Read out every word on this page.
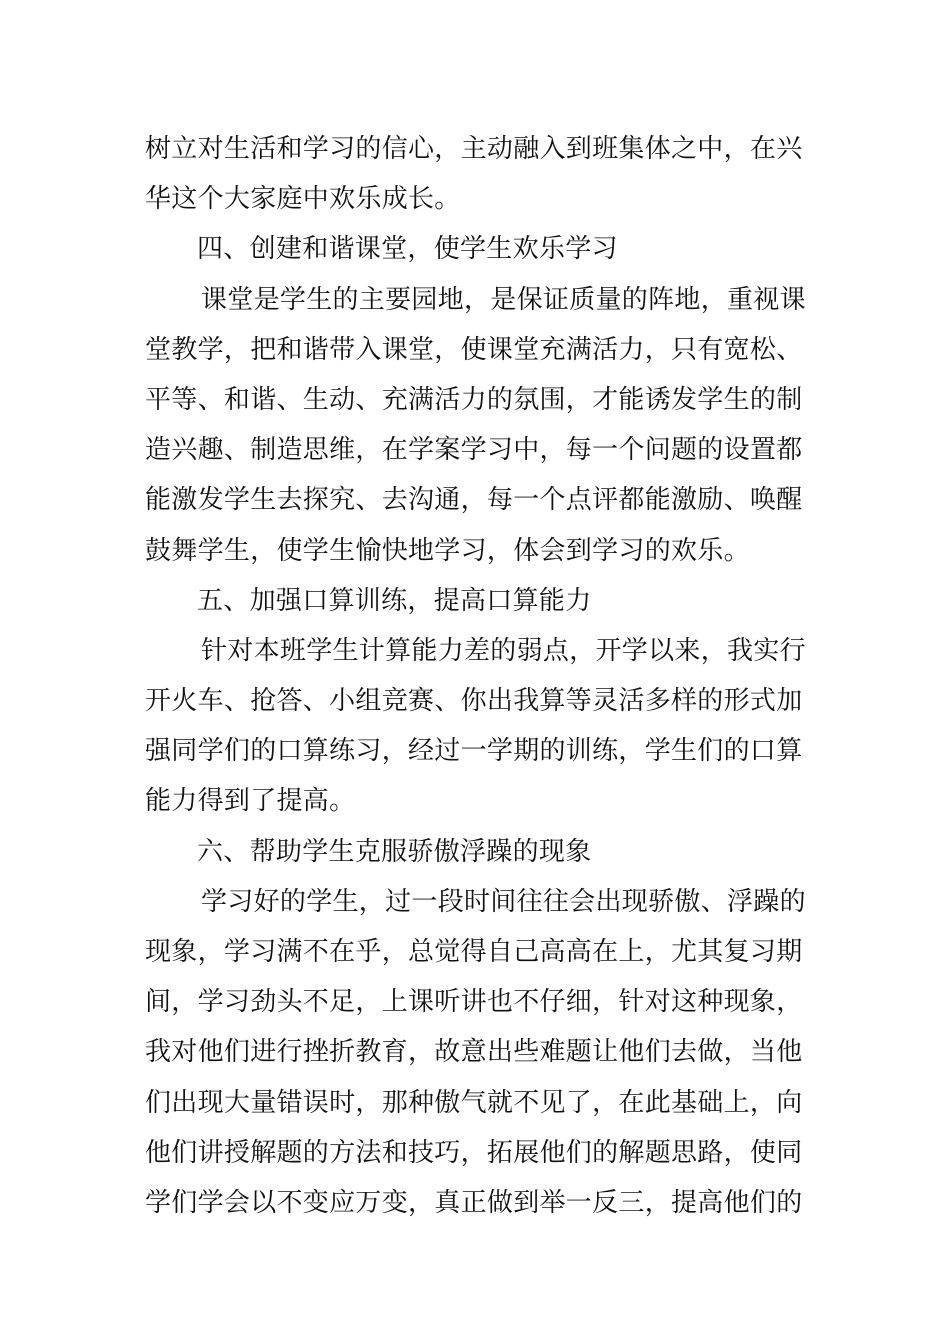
树立对生活和学习的信心，主动融入到班集体之中，在兴
华这个大家庭中欢乐成长。
四、创建和谐课堂，使学生欢乐学习
课堂是学生的主要园地，是保证质量的阵地，重视课
堂教学，把和谐带入课堂，使课堂充满活力，只有宽松、
平等、和谐、生动、充满活力的氛围，才能诱发学生的制
造兴趣、制造思维，在学案学习中，每一个问题的设置都
能激发学生去探究、去沟通，每一个点评都能激励、唤醒
鼓舞学生，使学生愉快地学习，体会到学习的欢乐。
五、加强口算训练，提高口算能力
针对本班学生计算能力差的弱点，开学以来，我实行
开火车、抢答、小组竞赛、你出我算等灵活多样的形式加
强同学们的口算练习，经过一学期的训练，学生们的口算
能力得到了提高。
六、帮助学生克服骄傲浮躁的现象
学习好的学生，过一段时间往往会出现骄傲、浮躁的
现象，学习满不在乎，总觉得自己高高在上，尤其复习期
间，学习劲头不足，上课听讲也不仔细，针对这种现象，
我对他们进行挫折教育，故意出些难题让他们去做，当他
们出现大量错误时，那种傲气就不见了，在此基础上，向
他们讲授解题的方法和技巧，拓展他们的解题思路，使同
学们学会以不变应万变，真正做到举一反三，提高他们的
